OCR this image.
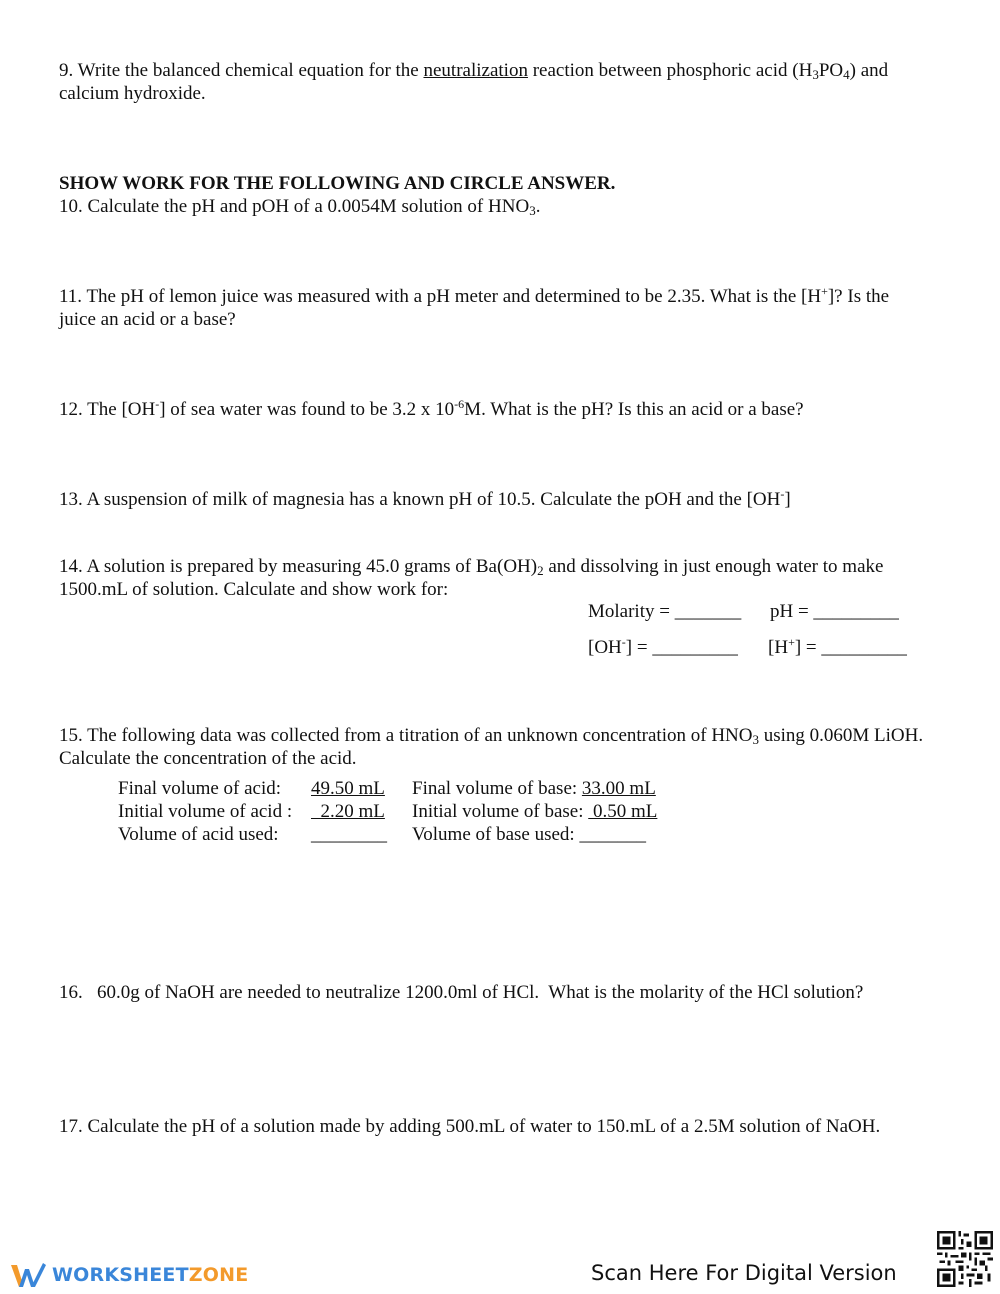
9. Write the balanced chemical equation for the neutralization reaction between phosphoric acid $(H_3PO_4)$ and
calcium hydroxide.
SHOW WORK FOR THE FOLLOWING AND CIRCLE ANSWER.
10. Calculate the pH and pOH of a 0.0054M solution of $HNO_3$.
11. The pH of lemon juice was measured with a pH meter and determined to be 2.35. What is the [H+]? Is the
juice an acid or a base?
12. The [OH-] of sea water was found to be 3.2 x $10^{-6}M$. What is the pH? Is this an acid or a base?
13. A suspension of milk of magnesia has a known pH of 10.5. Calculate the pOH and the [OH-]
14. A solution is prepared by measuring 45.0 grams of $Ba(OH)_2$ and dissolving in just enough water to make
1500.mL of solution. Calculate and show work for:
Molarity = _______ pH = _________
[OH-] = _________ [H+] = _________
15. The following data was collected from a titration of an unknown concentration of $HNO_3$ using 0.060M LiOH.
Calculate the concentration of the acid.
Final volume of acid: 49.50 mL Final volume of base: 33.00 mL
Initial volume of acid : 2.20 mL Initial volume of base:  0.50 mL
Volume of acid used: ________ Volume of base used: _______
16.   60.0g of NaOH are needed to neutralize 1200.0ml of HCl.  What is the molarity of the HCl solution?
17. Calculate the pH of a solution made by adding 500.mL of water to 150.mL of a 2.5M solution of NaOH.
WORKSHEETZONE	Scan Here For Digital Version
